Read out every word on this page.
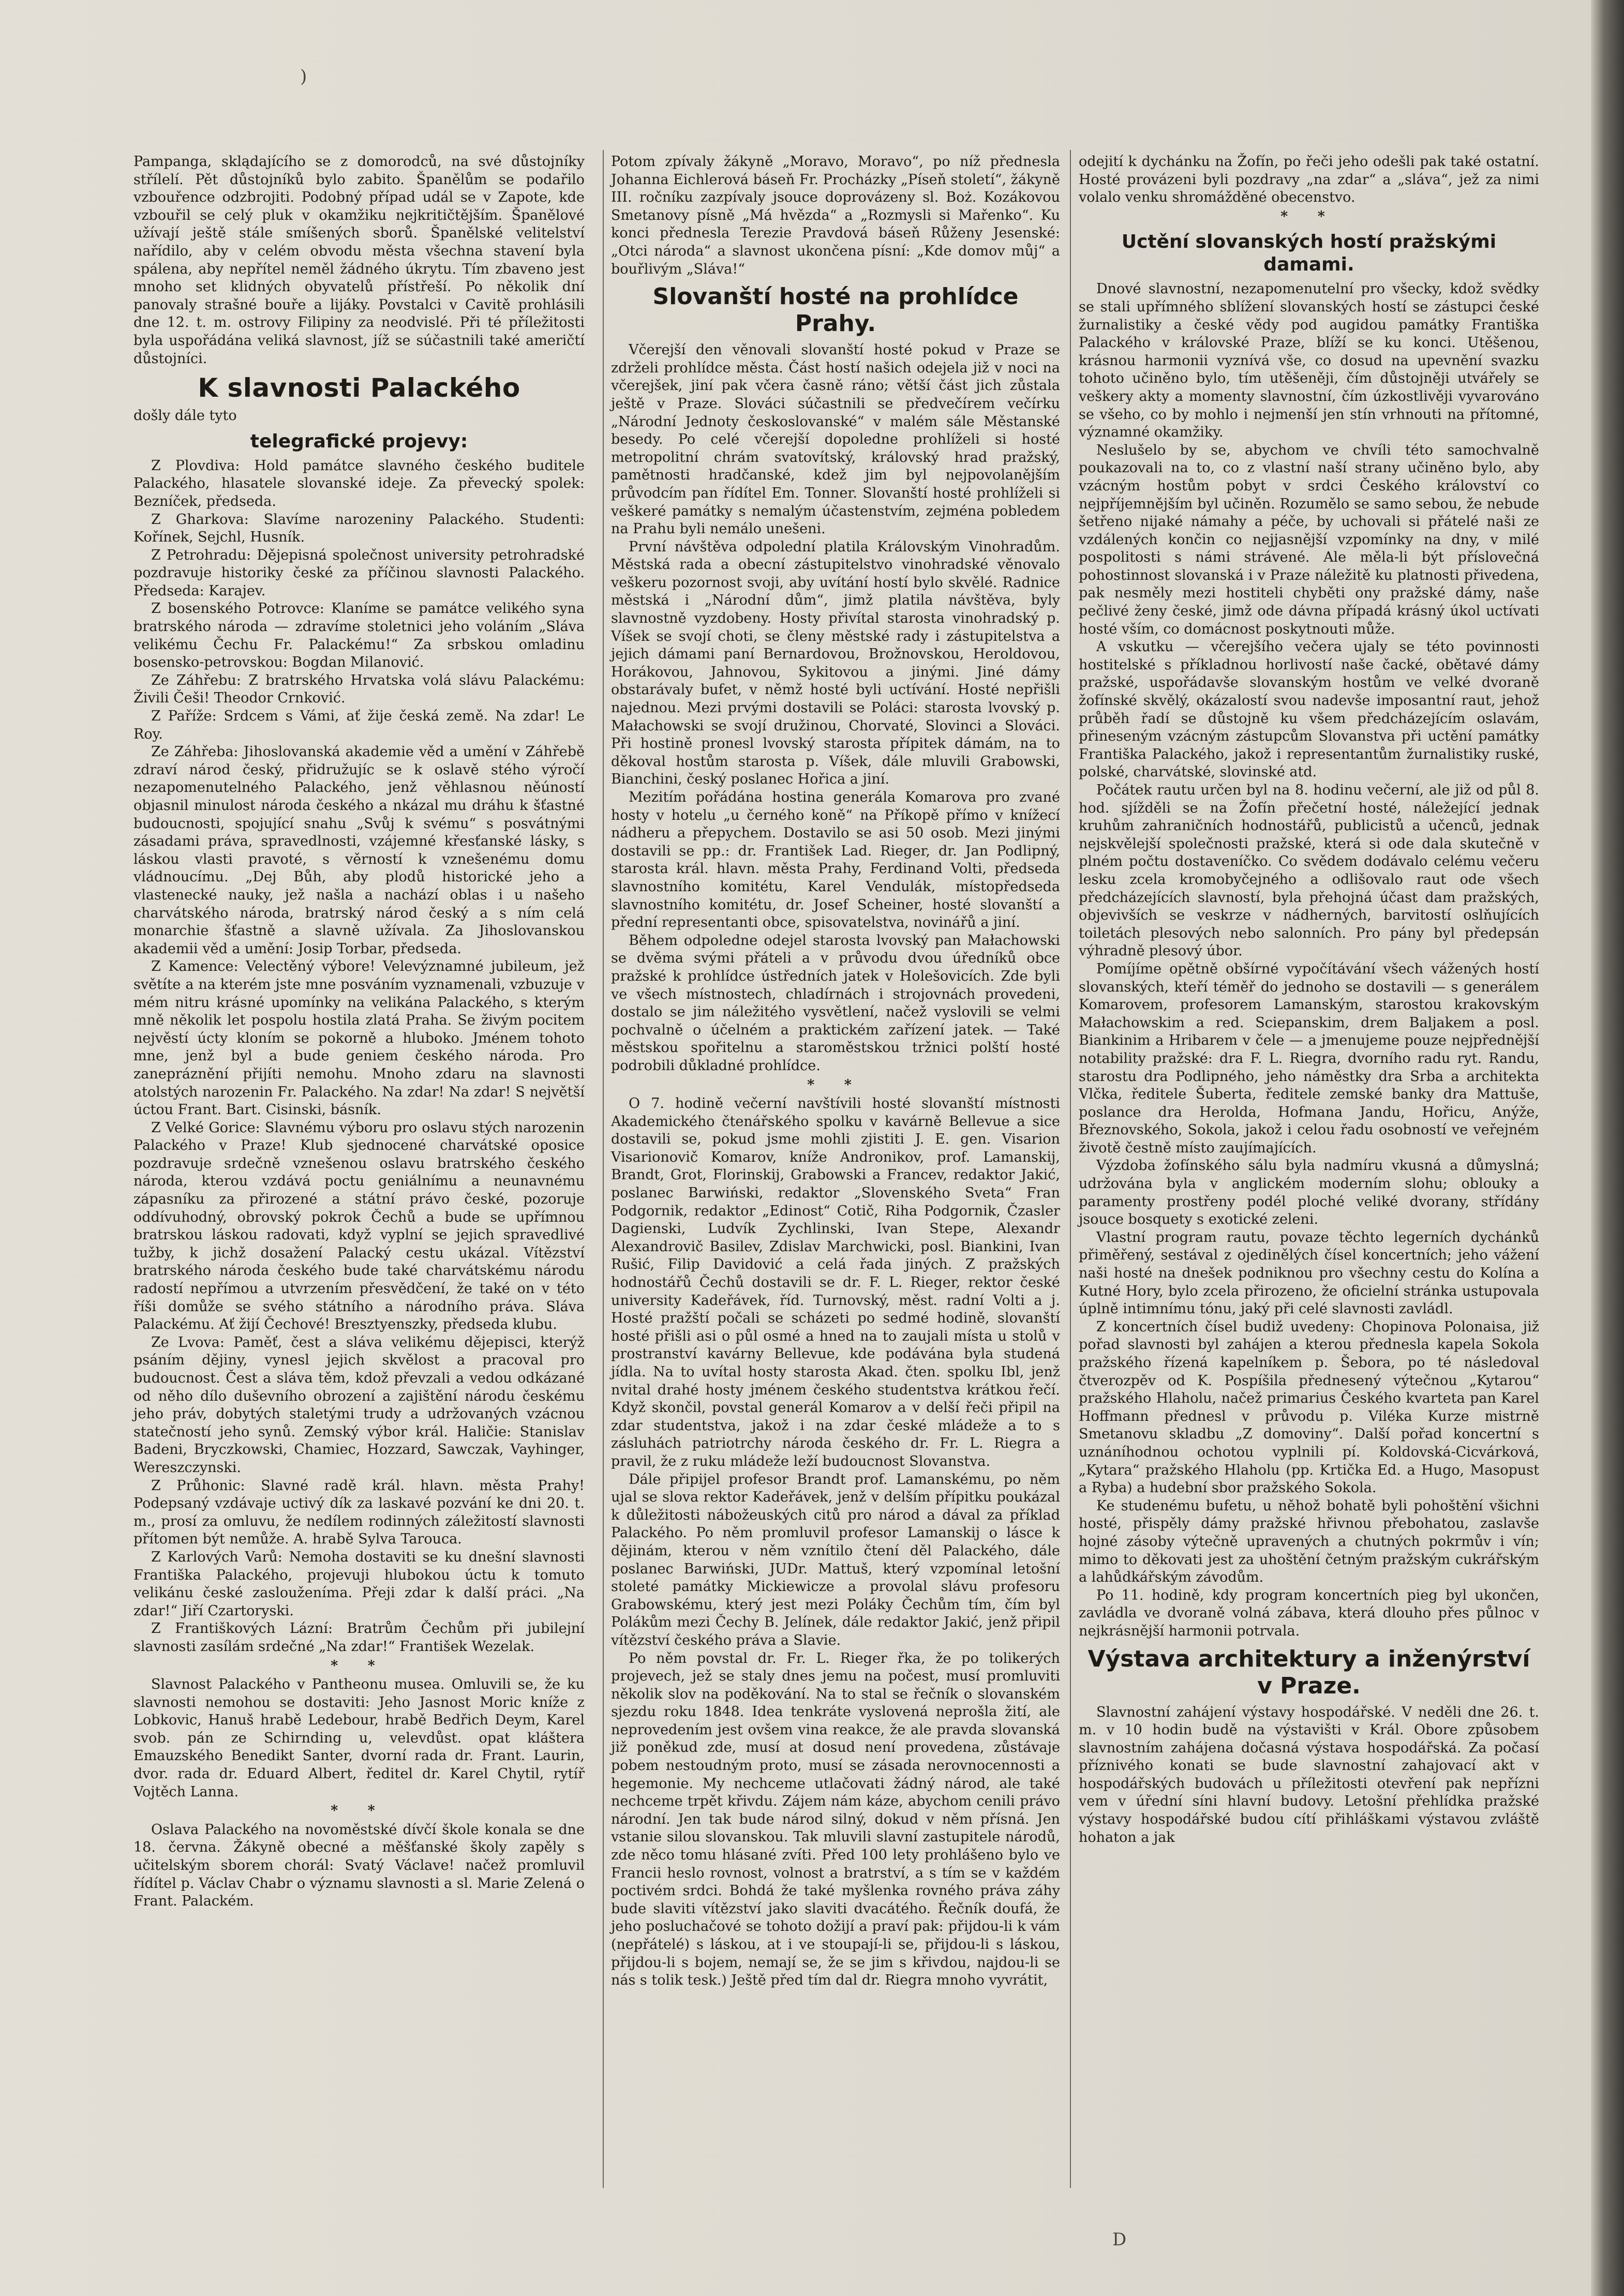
)
D

Pampanga, sklądajícího se z domorodců, na své důstojníky střílelí. Pět důstojníků bylo zabito. Španělům se podařilo vzbouřence odzbrojiti. Podobný případ udál se v Zapote, kde vzbouřil se celý pluk v okamžiku nejkritičtějším. Španělové užívají ještě stále smíšených sborů. Španělské velitelství nařídilo, aby v celém obvodu města všechna stavení byla spálena, aby nepřítel neměl žádného úkrytu. Tím zbaveno jest mnoho set klidných obyvatelů přístřeší. Po několik dní panovaly strašné bouře a lijáky. Povstalci v Cavitě prohlásili dne 12. t. m. ostrovy Filipiny za neodvislé. Při té příležitosti byla uspořádána veliká slavnost, jíž se súčastnili také američtí důstojníci.

K slavnosti Palackého

došly dále tyto

telegrafické projevy:

Z Plovdiva: Hold památce slavného českého buditele Palackého, hlasatele slovanské ideje. Za převecký spolek: Bezníček, předseda.

Z Gharkova: Slavíme narozeniny Palackého. Studenti: Kořínek, Sejchl, Husník.

Z Petrohradu: Dějepisná společnost university petrohradské pozdravuje historiky české za příčinou slavnosti Palackého. Předseda: Karajev.

Z bosenského Potrovce: Klaníme se památce velikého syna bratrského národa — zdravíme stoletnici jeho voláním „Sláva velikému Čechu Fr. Palackému!“ Za srbskou omladinu bosensko-petrovskou: Bogdan Milanović.

Ze Záhřebu: Z bratrského Hrvatska volá slávu Palackému: Živili Češi! Theodor Crnković.

Z Paříže: Srdcem s Vámi, ať žije česká země. Na zdar! Le Roy.

Ze Záhřeba: Jihoslovanská akademie věd a umění v Záhřebě zdraví národ český, přidružujíc se k oslavě stého výročí nezapomenutelného Palackého, jenž věhlasnou něúností objasnil minulost národa českého a nkázal mu dráhu k šťastné budoucnosti, spojující snahu „Svůj k svému“ s posvátnými zásadami práva, spravedlnosti, vzájemné křesťanské lásky, s láskou vlasti pravoté, s věrností k vznešenému domu vládnoucímu. „Dej Bůh, aby plodů historické jeho a vlastenecké nauky, jež našla a nachází oblas i u našeho charvátského národa, bratrský národ český a s ním celá monarchie šťastně a slavně užívala. Za Jihoslovanskou akademii věd a umění: Josip Torbar, předseda.

Z Kamence: Velectěný výbore! Velevýznamné jubileum, jež světíte a na kterém jste mne posváním vyznamenali, vzbuzuje v mém nitru krásné upomínky na velikána Palackého, s kterým mně několik let pospolu hostila zlatá Praha. Se živým pocitem nejvěstí úcty kloním se pokorně a hluboko. Jménem tohoto mne, jenž byl a bude geniem českého národa. Pro zanepráznění přijíti nemohu. Mnoho zdaru na slavnosti atolstých narozenin Fr. Palackého. Na zdar! Na zdar! S největší úctou Frant. Bart. Cisinski, básník.

Z Velké Gorice: Slavnému výboru pro oslavu stých narozenin Palackého v Praze! Klub sjednocené charvátské oposice pozdravuje srdečně vznešenou oslavu bratrského českého národa, kterou vzdává poctu geniálnímu a neunavnému zápasníku za přirozené a státní právo české, pozoruje oddívuhodný, obrovský pokrok Čechů a bude se upřímnou bratrskou láskou radovati, když vyplní se jejich spravedlivé tužby, k jichž dosažení Palacký cestu ukázal. Vítězství bratrského národa českého bude také charvátskému národu radostí nepřímou a utvrzením přesvědčení, že také on v této říši domůže se svého státního a národního práva. Sláva Palackému. Ať žijí Čechové! Bresztyenszky, předseda klubu.

Ze Lvova: Paměť, čest a sláva velikému dějepisci, kterýž psáním dějiny, vynesl jejich skvělost a pracoval pro budoucnost. Čest a sláva těm, kdož převzali a vedou odkázané od něho dílo duševního obrození a zajištění národu českému jeho práv, dobytých staletými trudy a udržovaných vzácnou statečností jeho synů. Zemský výbor král. Haličie: Stanislav Badeni, Bryczkowski, Chamiec, Hozzard, Sawczak, Vayhinger, Wereszczynski.

Z Průhonic: Slavné radě král. hlavn. města Prahy! Podepsaný vzdávaje uctivý dík za laskavé pozvání ke dni 20. t. m., prosí za omluvu, že nedílem rodinných záležitostí slavnosti přítomen být nemůže. A. hrabě Sylva Tarouca.

Z Karlových Varů: Nemoha dostaviti se ku dnešní slavnosti Františka Palackého, projevuji hlubokou úctu k tomuto velikánu české zaslouženíma. Přeji zdar k další práci. „Na zdar!“ Jiří Czartoryski.

Z Františkových Lázní: Bratrům Čechům při jubilejní slavnosti zasílám srdečné „Na zdar!“ František Wezelak.

* *

Slavnost Palackého v Pantheonu musea. Omluvili se, že ku slavnosti nemohou se dostaviti: Jeho Jasnost Moric kníže z Lobkovic, Hanuš hrabě Ledebour, hrabě Bedřich Deym, Karel svob. pán ze Schirnding u, velevdůst. opat kláštera Emauzského Benedikt Santer, dvorní rada dr. Frant. Laurin, dvor. rada dr. Eduard Albert, ředitel dr. Karel Chytil, rytíř Vojtěch Lanna.

* *

Oslava Palackého na novoměstské dívčí škole konala se dne 18. června. Žákyně obecné a měšťanské školy zapěly s učitelským sborem chorál: Svatý Václave! načež promluvil řídítel p. Václav Chabr o významu slavnosti a sl. Marie Zelená o Frant. Palackém.

Potom zpívaly žákyně „Moravo, Moravo“, po níž přednesla Johanna Eichlerová báseň Fr. Procházky „Píseň století“, žákyně III. ročníku zazpívaly jsouce doprovázeny sl. Boż. Kozákovou Smetanovy písně „Má hvězda“ a „Rozmysli si Mařenko“. Ku konci přednesla Terezie Pravdová báseň Růženy Jesenské: „Otci národa“ a slavnost ukončena písní: „Kde domov můj“ a bouřlivým „Sláva!“

Slovanští hosté na prohlídce Prahy.

Včerejší den věnovali slovanští hosté pokud v Praze se zdrželi prohlídce města. Část hostí našich odejela již v noci na včerejšek, jiní pak včera časně ráno; větší část jich zůstala ještě v Praze. Slováci súčastnili se předvečírem večírku „Národní Jednoty českoslovanské“ v malém sále Městanské besedy. Po celé včerejší dopoledne prohlíželi si hosté metropolitní chrám svatovítský, královský hrad pražský, pamětnosti hradčanské, kdež jim byl nejpovolanějším průvodcím pan řídítel Em. Tonner. Slovanští hosté prohlíželi si veškeré památky s nemalým účastenstvím, zejména pobledem na Prahu byli nemálo unešeni.

První návštěva odpolední platila Královským Vinohradům. Městská rada a obecní zástupitelstvo vinohradské věnovalo veškeru pozornost svoji, aby uvítání hostí bylo skvělé. Radnice městská i „Národní dům“, jimž platila návštěva, byly slavnostně vyzdobeny. Hosty přivítal starosta vinohradský p. Víšek se svojí choti, se členy městské rady i zástupitelstva a jejich dámami paní Bernardovou, Brožnovskou, Heroldovou, Horákovou, Jahnovou, Sykitovou a jinými. Jiné dámy obstarávaly bufet, v němž hosté byli uctívání. Hosté nepřišli najednou. Mezi prvými dostavili se Poláci: starosta lvovský p. Małachowski se svojí družinou, Chorvaté, Slovinci a Slováci. Při hostině pronesl lvovský starosta přípitek dámám, na to děkoval hostům starosta p. Víšek, dále mluvili Grabowski, Bianchini, český poslanec Hořica a jiní.

Mezitím pořádána hostina generála Komarova pro zvané hosty v hotelu „u černého koně“ na Příkopě přímo v knížecí nádheru a přepychem. Dostavilo se asi 50 osob. Mezi jinými dostavili se pp.: dr. František Lad. Rieger, dr. Jan Podlipný, starosta král. hlavn. města Prahy, Ferdinand Volti, předseda slavnostního komitétu, Karel Vendulák, místopředseda slavnostního komitétu, dr. Josef Scheiner, hosté slovanští a přední representanti obce, spisovatelstva, novinářů a jiní.

Během odpoledne odejel starosta lvovský pan Małachowski se dvěma svými přáteli a v průvodu dvou úředníků obce pražské k prohlídce ústředních jatek v Holešovicích. Zde byli ve všech místnostech, chladírnách i strojovnách provedeni, dostalo se jim náležitého vysvětlení, načež vyslovili se velmi pochvalně o účelném a praktickém zařízení jatek. — Také městskou spořitelnu a staroměstskou tržnici polští hosté podrobili důkladné prohlídce.

* *

O 7. hodině večerní navštívili hosté slovanští místnosti Akademického čtenářského spolku v kavárně Bellevue a sice dostavili se, pokud jsme mohli zjistiti J. E. gen. Visarion Visarionovič Komarov, kníže Andronikov, prof. Lamanskij, Brandt, Grot, Florinskij, Grabowski a Francev, redaktor Jakić, poslanec Barwiński, redaktor „Slovenského Sveta“ Fran Podgornik, redaktor „Edinost“ Cotič, Riha Podgornik, Čzasler Dagienski, Ludvík Zychlinski, Ivan Stepe, Alexandr Alexandrovič Basilev, Zdislav Marchwicki, posl. Biankini, Ivan Rušić, Filip Davidović a celá řada jiných. Z pražských hodnostářů Čechů dostavili se dr. F. L. Rieger, rektor české university Kadeřávek, říd. Turnovský, měst. radní Volti a j. Hosté pražští počali se scházeti po sedmé hodině, slovanští hosté přišli asi o půl osmé a hned na to zaujali místa u stolů v prostranství kavárny Bellevue, kde podávána byla studená jídla. Na to uvítal hosty starosta Akad. čten. spolku Ibl, jenž nvital drahé hosty jménem českého studentstva krátkou řečí. Když skončil, povstal generál Komarov a v delší řeči připil na zdar studentstva, jakož i na zdar české mládeže a to s zásluhách patriotrchy národa českého dr. Fr. L. Riegra a pravil, že z ruku mládeže leží budoucnost Slovanstva.

Dále připijel profesor Brandt prof. Lamanskému, po něm ujal se slova rektor Kadeřávek, jenž v delším přípitku poukázal k důležitosti nábožeuských citů pro národ a dával za příklad Palackého. Po něm promluvil profesor Lamanskij o lásce k dějinám, kterou v něm vznítilo čtení děl Palackého, dále poslanec Barwiński, JUDr. Mattuš, který vzpomínal letošní stoleté památky Mickiewicze a provolal slávu profesoru Grabowskému, který jest mezi Poláky Čechům tím, čím byl Polákům mezi Čechy B. Jelínek, dále redaktor Jakić, jenž připil vítězství českého práva a Slavie.

Po něm povstal dr. Fr. L. Rieger řka, že po tolikerých projevech, jež se staly dnes jemu na počest, musí promluviti několik slov na poděkování. Na to stal se řečník o slovanském sjezdu roku 1848. Idea tenkráte vyslovená neprošla žití, ale neprovedením jest ovšem vina reakce, že ale pravda slovanská již poněkud zde, musí at dosud není provedena, zůstávaje pobem nestoudným proto, musí se zásada nerovnocennosti a hegemonie. My nechceme utlačovati žádný národ, ale také nechceme trpět křivdu. Zájem nám káze, abychom cenili právo národní. Jen tak bude národ silný, dokud v něm přísná. Jen vstanie silou slovanskou. Tak mluvili slavní zastupitele národů, zde něco tomu hlásané zvíti. Před 100 lety prohlášeno bylo ve Francii heslo rovnost, volnost a bratrství, a s tím se v každém poctivém srdci. Bohdá že také myšlenka rovného práva záhy bude slaviti vítězství jako slaviti dvacátého. Řečník doufá, že jeho posluchačové se tohoto dožijí a praví pak: přijdou-li k vám (nepřátelé) s láskou, at i ve stoupají-li se, přijdou-li s láskou, přijdou-li s bojem, nemají se, že se jim s křivdou, najdou-li se nás s tolik tesk.) Ještě před tím dal dr. Riegra mnoho vyvrátit,

odejití k dychánku na Žofín, po řeči jeho odešli pak také ostatní. Hosté provázeni byli pozdravy „na zdar“ a „sláva“, jež za nimi volalo venku shromážděné obecenstvo.

* *
Uctění slovanských hostí pražskými damami.

Dnové slavnostní, nezapomenutelní pro všecky, kdož svědky se stali upřímného sblížení slovanských hostí se zástupci české žurnalistiky a české vědy pod augidou památky Františka Palackého v královské Praze, blíží se ku konci. Utěšenou, krásnou harmonii vyznívá vše, co dosud na upevnění svazku tohoto učiněno bylo, tím utěšeněji, čím důstojněji utvářely se veškery akty a momenty slavnostní, čím úzkostlivěji vyvarováno se všeho, co by mohlo i nejmenší jen stín vrhnouti na přítomné, významné okamžiky.

Neslušelo by se, abychom ve chvíli této samochvalně poukazovali na to, co z vlastní naší strany učiněno bylo, aby vzácným hostům pobyt v srdci Českého království co nejpříjemnějším byl učiněn. Rozumělo se samo sebou, že nebude šetřeno nijaké námahy a péče, by uchovali si přátelé naši ze vzdálených končin co nejjasnější vzpomínky na dny, v milé pospolitosti s námi strávené. Ale měla-li být příslovečná pohostinnost slovanská i v Praze náležitě ku platnosti přivedena, pak nesměly mezi hostiteli chyběti ony pražské dámy, naše pečlivé ženy české, jimž ode dávna případá krásný úkol uctívati hosté vším, co domácnost poskytnouti může.

A vskutku — včerejšího večera ujaly se této povinnosti hostitelské s příkladnou horlivostí naše čacké, obětavé dámy pražské, uspořádavše slovanským hostům ve velké dvoraně žofínské skvělý, okázalostí svou nadevše imposantní raut, jehož průběh řadí se důstojně ku všem předcházejícím oslavám, přineseným vzácným zástupcům Slovanstva při uctění památky Františka Palackého, jakož i representantům žurnalistiky ruské, polské, charvátské, slovinské atd.

Počátek rautu určen byl na 8. hodinu večerní, ale již od půl 8. hod. sjížděli se na Žofín přečetní hosté, náležející jednak kruhům zahraničních hodnostářů, publicistů a učenců, jednak nejskvělejší společnosti pražské, která si ode dala skutečně v plném počtu dostaveníčko. Co svědem dodávalo celému večeru lesku zcela kromobyčejného a odlišovalo raut ode všech předcházejících slavností, byla přehojná účast dam pražských, objevivších se veskrze v nádherných, barvitostí oslňujících toiletách plesových nebo salonních. Pro pány byl předepsán výhradně plesový úbor.

Pomíjíme opětně obšírné vypočítávání všech vážených hostí slovanských, kteří téměř do jednoho se dostavili — s generálem Komarovem, profesorem Lamanským, starostou krakovským Małachowskim a red. Sciepanskim, drem Baljakem a posl. Biankinim a Hribarem v čele — a jmenujeme pouze nejpřednější notability pražské: dra F. L. Riegra, dvorního radu ryt. Randu, starostu dra Podlipného, jeho náměstky dra Srba a architekta Vlčka, ředitele Šuberta, ředitele zemské banky dra Mattuše, poslance dra Herolda, Hofmana Jandu, Hořicu, Anýže, Březnovského, Sokola, jakož i celou řadu osobností ve veřejném životě čestně místo zaujímajících.

Výzdoba žofínského sálu byla nadmíru vkusná a důmyslná; udržována byla v anglickém moderním slohu; oblouky a paramenty prostřeny podél ploché veliké dvorany, střídány jsouce bosquety s exotické zeleni.

Vlastní program rautu, povaze těchto legerních dychánků přiměřený, sestával z ojedinělých čísel koncertních; jeho vážení naši hosté na dnešek podniknou pro všechny cestu do Kolína a Kutné Hory, bylo zcela přirozeno, že oficielní stránka ustupovala úplně intimnímu tónu, jaký při celé slavnosti zavládl.

Z koncertních čísel budiž uvedeny: Chopinova Polonaisa, již pořad slavnosti byl zahájen a kterou přednesla kapela Sokola pražského řízená kapelníkem p. Šebora, po té následoval čtverozpěv od K. Pospíšila přednesený výtečnou „Kytarou“ pražského Hlaholu, načež primarius Českého kvarteta pan Karel Hoffmann přednesl v průvodu p. Viléka Kurze mistrně Smetanovu skladbu „Z domoviny“. Další pořad koncertní s uznáníhodnou ochotou vyplnili pí. Koldovská-Cicvárková, „Kytara“ pražského Hlaholu (pp. Krtička Ed. a Hugo, Masopust a Ryba) a hudební sbor pražského Sokola.

Ke studenému bufetu, u něhož bohatě byli pohoštění všichni hosté, přispěly dámy pražské hřivnou přebohatou, zaslavše hojné zásoby výtečně upravených a chutných pokrmův i vín; mimo to děkovati jest za uhoštění četným pražským cukrářským a lahůdkářským závodům.

Po 11. hodině, kdy program koncertních pieg byl ukončen, zavládla ve dvoraně volná zábava, která dlouho přes půlnoc v nejkrásnější harmonii potrvala.

Výstava architektury a inženýrství v Praze.

Slavnostní zahájení výstavy hospodářské. V neděli dne 26. t. m. v 10 hodin budě na výstavišti v Král. Obore způsobem slavnostním zahájena dočasná výstava hospodářská. Za počasí příznivého konati se bude slavnostní zahajovací akt v hospodářských budovách u příležitosti otevření pak nepřízni vem v úřední síni hlavní budovy. Letošní přehlídka pražské výstavy hospodářské budou cítí přihláškami výstavou zvláště hohaton a jak
